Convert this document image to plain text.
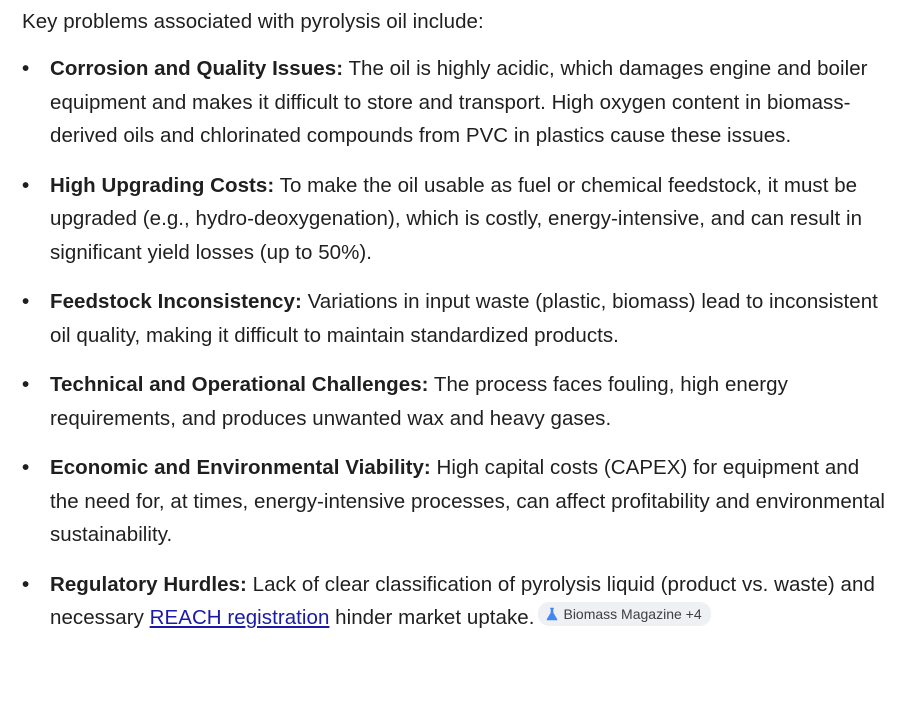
Key problems associated with pyrolysis oil include:
• Corrosion and Quality Issues: The oil is highly acidic, which damages engine and boiler equipment and makes it difficult to store and transport. High oxygen content in biomass-derived oils and chlorinated compounds from PVC in plastics cause these issues.
• High Upgrading Costs: To make the oil usable as fuel or chemical feedstock, it must be upgraded (e.g., hydro-deoxygenation), which is costly, energy-intensive, and can result in significant yield losses (up to 50%).
• Feedstock Inconsistency: Variations in input waste (plastic, biomass) lead to inconsistent oil quality, making it difficult to maintain standardized products.
• Technical and Operational Challenges: The process faces fouling, high energy requirements, and produces unwanted wax and heavy gases.
• Economic and Environmental Viability: High capital costs (CAPEX) for equipment and the need for, at times, energy-intensive processes, can affect profitability and environmental sustainability.
• Regulatory Hurdles: Lack of clear classification of pyrolysis liquid (product vs. waste) and necessary REACH registration hinder market uptake. Biomass Magazine +4
